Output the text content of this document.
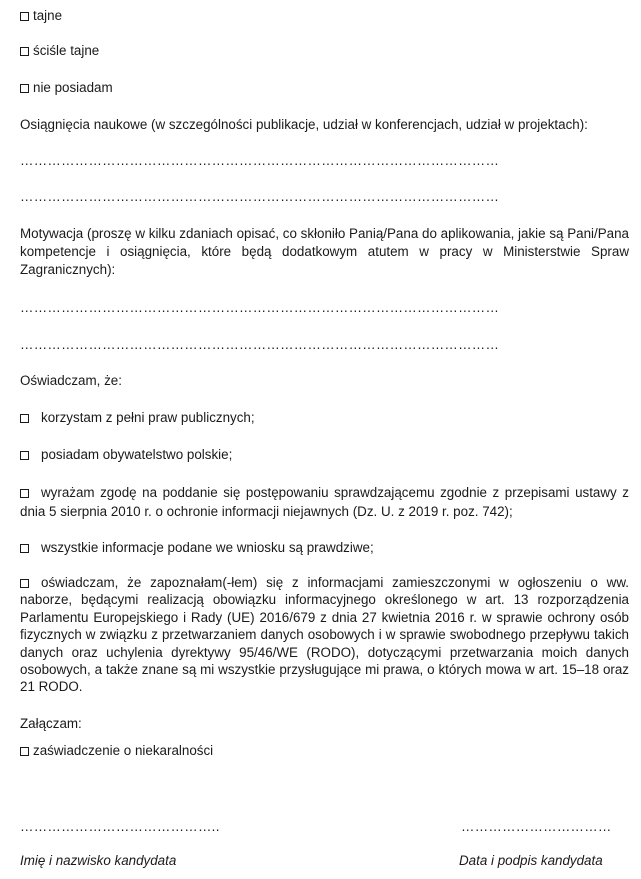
tajne
ściśle tajne
nie posiadam
Osiągnięcia naukowe (w szczególności publikacje, udział w konferencjach, udział w projektach):
……………………………………………………………………………………………
……………………………………………………………………………………………
Motywacja (proszę w kilku zdaniach opisać, co skłoniło Panią/Pana do aplikowania, jakie są Pani/Pana kompetencje i osiągnięcia, które będą dodatkowym atutem w pracy w Ministerstwie Spraw Zagranicznych):
……………………………………………………………………………………………
……………………………………………………………………………………………
Oświadczam, że:
korzystam z pełni praw publicznych;
posiadam obywatelstwo polskie;
wyrażam zgodę na poddanie się postępowaniu sprawdzającemu zgodnie z przepisami ustawy z dnia 5 sierpnia 2010 r. o ochronie informacji niejawnych (Dz. U. z 2019 r. poz. 742);
wszystkie informacje podane we wniosku są prawdziwe;
oświadczam, że zapoznałam(-łem) się z informacjami zamieszczonymi w ogłoszeniu o ww. naborze, będącymi realizacją obowiązku informacyjnego określonego w art. 13 rozporządzenia Parlamentu Europejskiego i Rady (UE) 2016/679 z dnia 27 kwietnia 2016 r. w sprawie ochrony osób fizycznych w związku z przetwarzaniem danych osobowych i w sprawie swobodnego przepływu takich danych oraz uchylenia dyrektywy 95/46/WE (RODO), dotyczącymi przetwarzania moich danych osobowych, a także znane są mi wszystkie przysługujące mi prawa, o których mowa w art. 15–18 oraz 21 RODO.
Załączam:
zaświadczenie o niekaralności
……………………………………..	……………………………
Imię i nazwisko kandydata	Data i podpis kandydata
